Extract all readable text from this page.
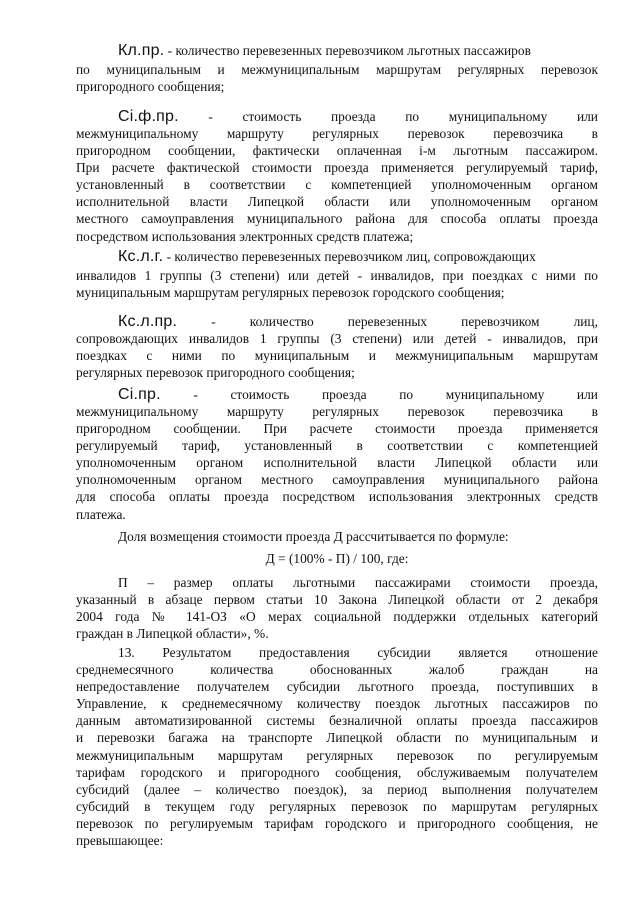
Кл.пр. - количество перевезенных перевозчиком льготных пассажиров
по муниципальным и межмуниципальным маршрутам регулярных перевозок
пригородного сообщения;
Ci.ф.пр. - стоимость проезда по муниципальному или
межмуниципальному маршруту регулярных перевозок перевозчика в
пригородном сообщении, фактически оплаченная i-м льготным пассажиром.
При расчете фактической стоимости проезда применяется регулируемый тариф,
установленный в соответствии с компетенцией уполномоченным органом
исполнительной власти Липецкой области или уполномоченным органом
местного самоуправления муниципального района для способа оплаты проезда
посредством использования электронных средств платежа;
Кс.л.г. - количество перевезенных перевозчиком лиц, сопровождающих
инвалидов 1 группы (3 степени) или детей - инвалидов, при поездках с ними по
муниципальным маршрутам регулярных перевозок городского сообщения;
Кс.л.пр.	-	количество	перевезенных	перевозчиком	лиц,
сопровождающих инвалидов 1 группы (3 степени) или детей - инвалидов, при
поездках с ними по муниципальным и межмуниципальным маршрутам
регулярных перевозок пригородного сообщения;
Ci.пр. - стоимость проезда по муниципальному или
межмуниципальному маршруту регулярных перевозок перевозчика в
пригородном сообщении. При расчете стоимости проезда применяется
регулируемый тариф, установленный в соответствии с компетенцией
уполномоченным органом исполнительной власти Липецкой области или
уполномоченным органом местного самоуправления муниципального района
для способа оплаты проезда посредством использования электронных средств
платежа.
Доля возмещения стоимости проезда Д рассчитывается по формуле:
Д = (100% - П) / 100, где:
П – размер оплаты льготными пассажирами стоимости проезда,
указанный в абзаце первом статьи 10 Закона Липецкой области от 2 декабря
2004 года № 141-ОЗ «О мерах социальной поддержки отдельных категорий
граждан в Липецкой области», %.
13. Результатом предоставления субсидии является отношение
среднемесячного количества обоснованных жалоб граждан на
непредоставление получателем субсидии льготного проезда, поступивших в
Управление, к среднемесячному количеству поездок льготных пассажиров по
данным автоматизированной системы безналичной оплаты проезда пассажиров
и перевозки багажа на транспорте Липецкой области по муниципальным и
межмуниципальным маршрутам регулярных перевозок по регулируемым
тарифам городского и пригородного сообщения, обслуживаемым получателем
субсидий (далее – количество поездок), за период выполнения получателем
субсидий в текущем году регулярных перевозок по маршрутам регулярных
перевозок по регулируемым тарифам городского и пригородного сообщения, не
превышающее:
